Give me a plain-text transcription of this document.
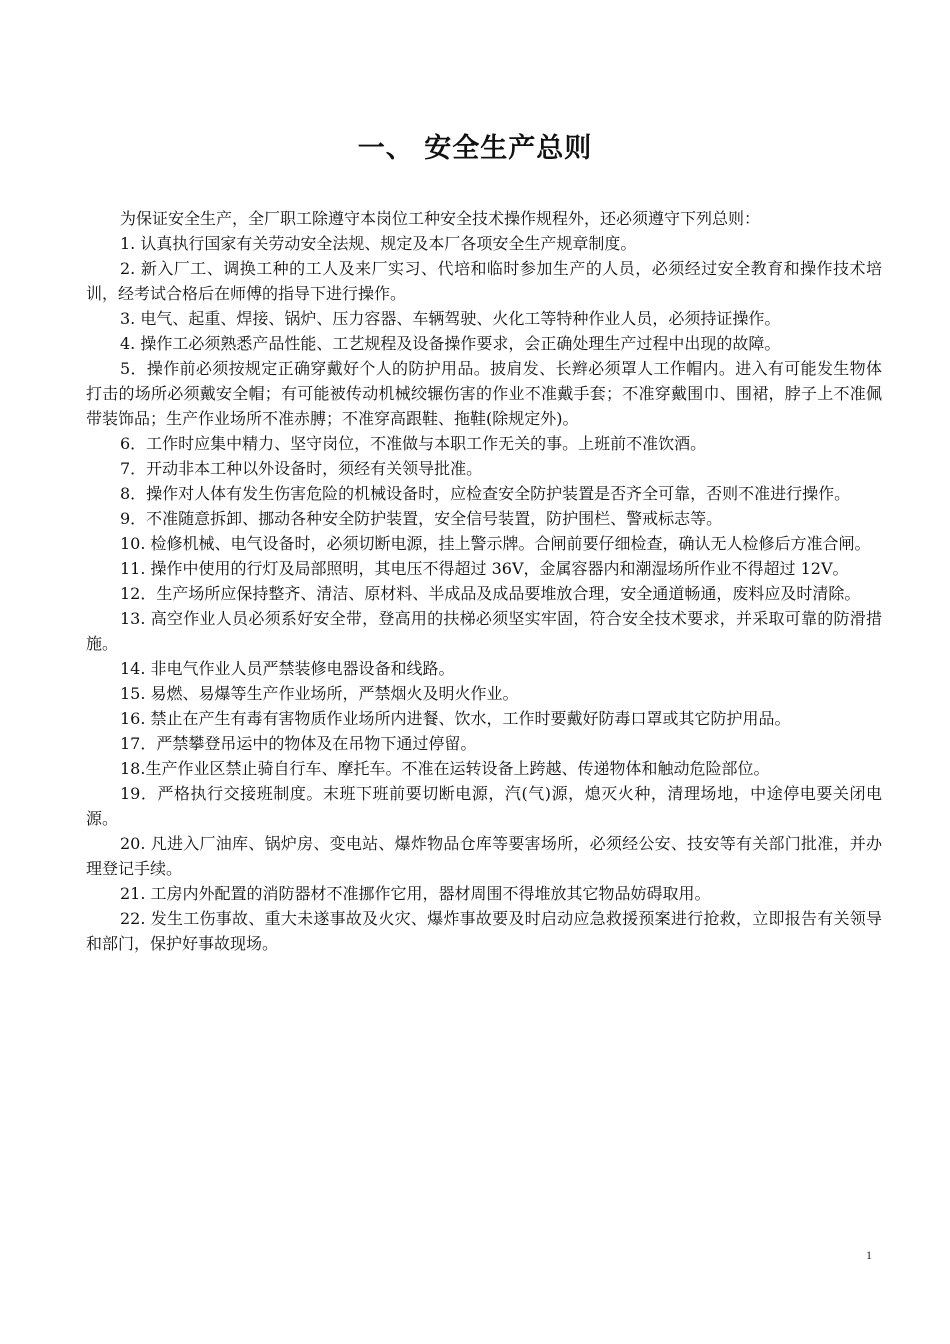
一、 安全生产总则

为保证安全生产，全厂职工除遵守本岗位工种安全技术操作规程外，还必须遵守下列总则：

1. 认真执行国家有关劳动安全法规、规定及本厂各项安全生产规章制度。

2. 新入厂工、调换工种的工人及来厂实习、代培和临时参加生产的人员，必须经过安全教育和操作技术培训，经考试合格后在师傅的指导下进行操作。

3. 电气、起重、焊接、锅炉、压力容器、车辆驾驶、火化工等特种作业人员，必须持证操作。

4. 操作工必须熟悉产品性能、工艺规程及设备操作要求，会正确处理生产过程中出现的故障。

5．操作前必须按规定正确穿戴好个人的防护用品。披肩发、长辫必须罩人工作帽内。进入有可能发生物体打击的场所必须戴安全帽；有可能被传动机械绞辗伤害的作业不准戴手套；不准穿戴围巾、围裙，脖子上不准佩带装饰品；生产作业场所不准赤膊；不准穿高跟鞋、拖鞋(除规定外)。

6．工作时应集中精力、坚守岗位，不准做与本职工作无关的事。上班前不准饮酒。

7．开动非本工种以外设备时，须经有关领导批准。

8．操作对人体有发生伤害危险的机械设备时，应检查安全防护装置是否齐全可靠，否则不准进行操作。

9．不准随意拆卸、挪动各种安全防护装置，安全信号装置，防护围栏、警戒标志等。

10. 检修机械、电气设备时，必须切断电源，挂上警示牌。合闸前要仔细检查，确认无人检修后方准合闸。

11. 操作中使用的行灯及局部照明，其电压不得超过 36V，金属容器内和潮湿场所作业不得超过 12V。

12．生产场所应保持整齐、清洁、原材料、半成品及成品要堆放合理，安全通道畅通，废料应及时清除。

13. 高空作业人员必须系好安全带，登高用的扶梯必须坚实牢固，符合安全技术要求，并采取可靠的防滑措施。

14. 非电气作业人员严禁装修电器设备和线路。

15. 易燃、易爆等生产作业场所，严禁烟火及明火作业。

16. 禁止在产生有毒有害物质作业场所内进餐、饮水，工作时要戴好防毒口罩或其它防护用品。

17．严禁攀登吊运中的物体及在吊物下通过停留。

18.生产作业区禁止骑自行车、摩托车。不准在运转设备上跨越、传递物体和触动危险部位。

19．严格执行交接班制度。末班下班前要切断电源，汽(气)源，熄灭火种，清理场地，中途停电要关闭电源。

20. 凡进入厂油库、锅炉房、变电站、爆炸物品仓库等要害场所，必须经公安、技安等有关部门批准，并办理登记手续。

21. 工房内外配置的消防器材不准挪作它用，器材周围不得堆放其它物品妨碍取用。

22. 发生工伤事故、重大未遂事故及火灾、爆炸事故要及时启动应急救援预案进行抢救，立即报告有关领导和部门，保护好事故现场。

1
